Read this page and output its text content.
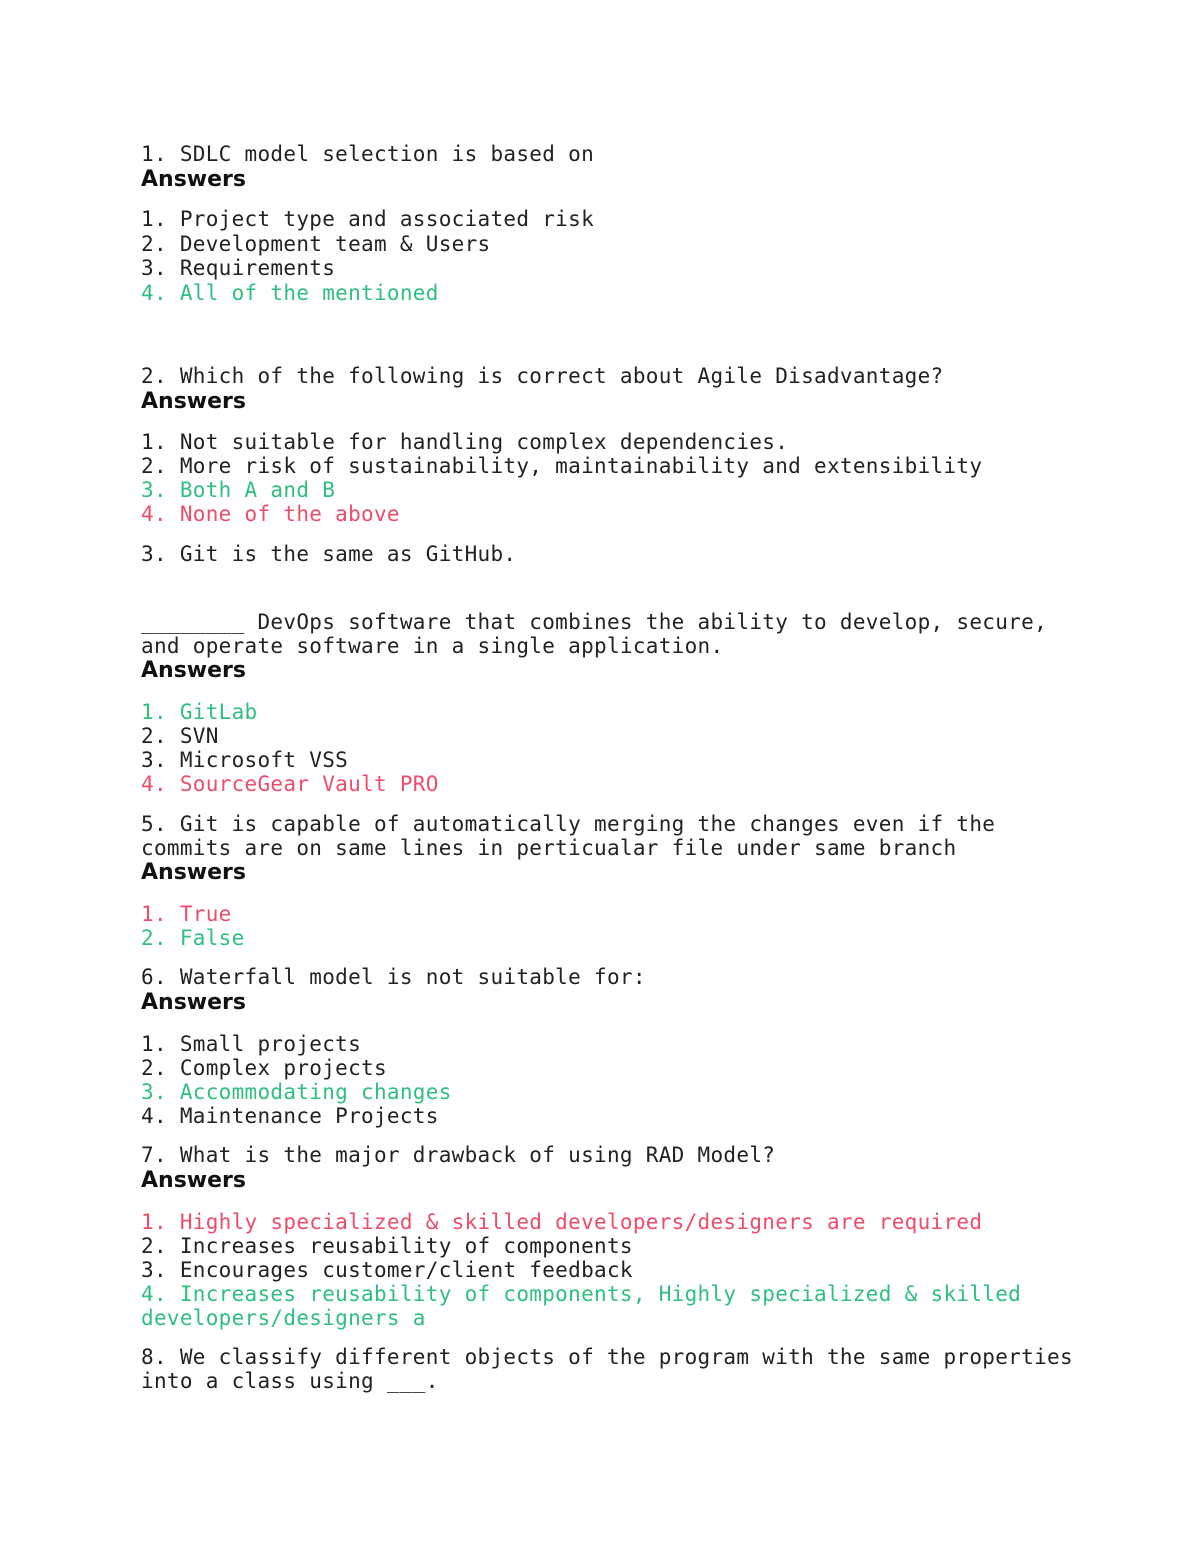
1. SDLC model selection is based on

Answers

1. Project type and associated risk

2. Development team & Users

3. Requirements

4. All of the mentioned

2. Which of the following is correct about Agile Disadvantage?

Answers

1. Not suitable for handling complex dependencies.

2. More risk of sustainability, maintainability and extensibility

3. Both A and B

4. None of the above

3. Git is the same as GitHub.

________ DevOps software that combines the ability to develop, secure,

and operate software in a single application.

Answers

1. GitLab

2. SVN

3. Microsoft VSS

4. SourceGear Vault PRO

5. Git is capable of automatically merging the changes even if the

commits are on same lines in perticualar file under same branch

Answers

1. True

2. False

6. Waterfall model is not suitable for:

Answers

1. Small projects

2. Complex projects

3. Accommodating changes

4. Maintenance Projects

7. What is the major drawback of using RAD Model?

Answers

1. Highly specialized & skilled developers/designers are required

2. Increases reusability of components

3. Encourages customer/client feedback

4. Increases reusability of components, Highly specialized & skilled

developers/designers a

8. We classify different objects of the program with the same properties

into a class using ___.
